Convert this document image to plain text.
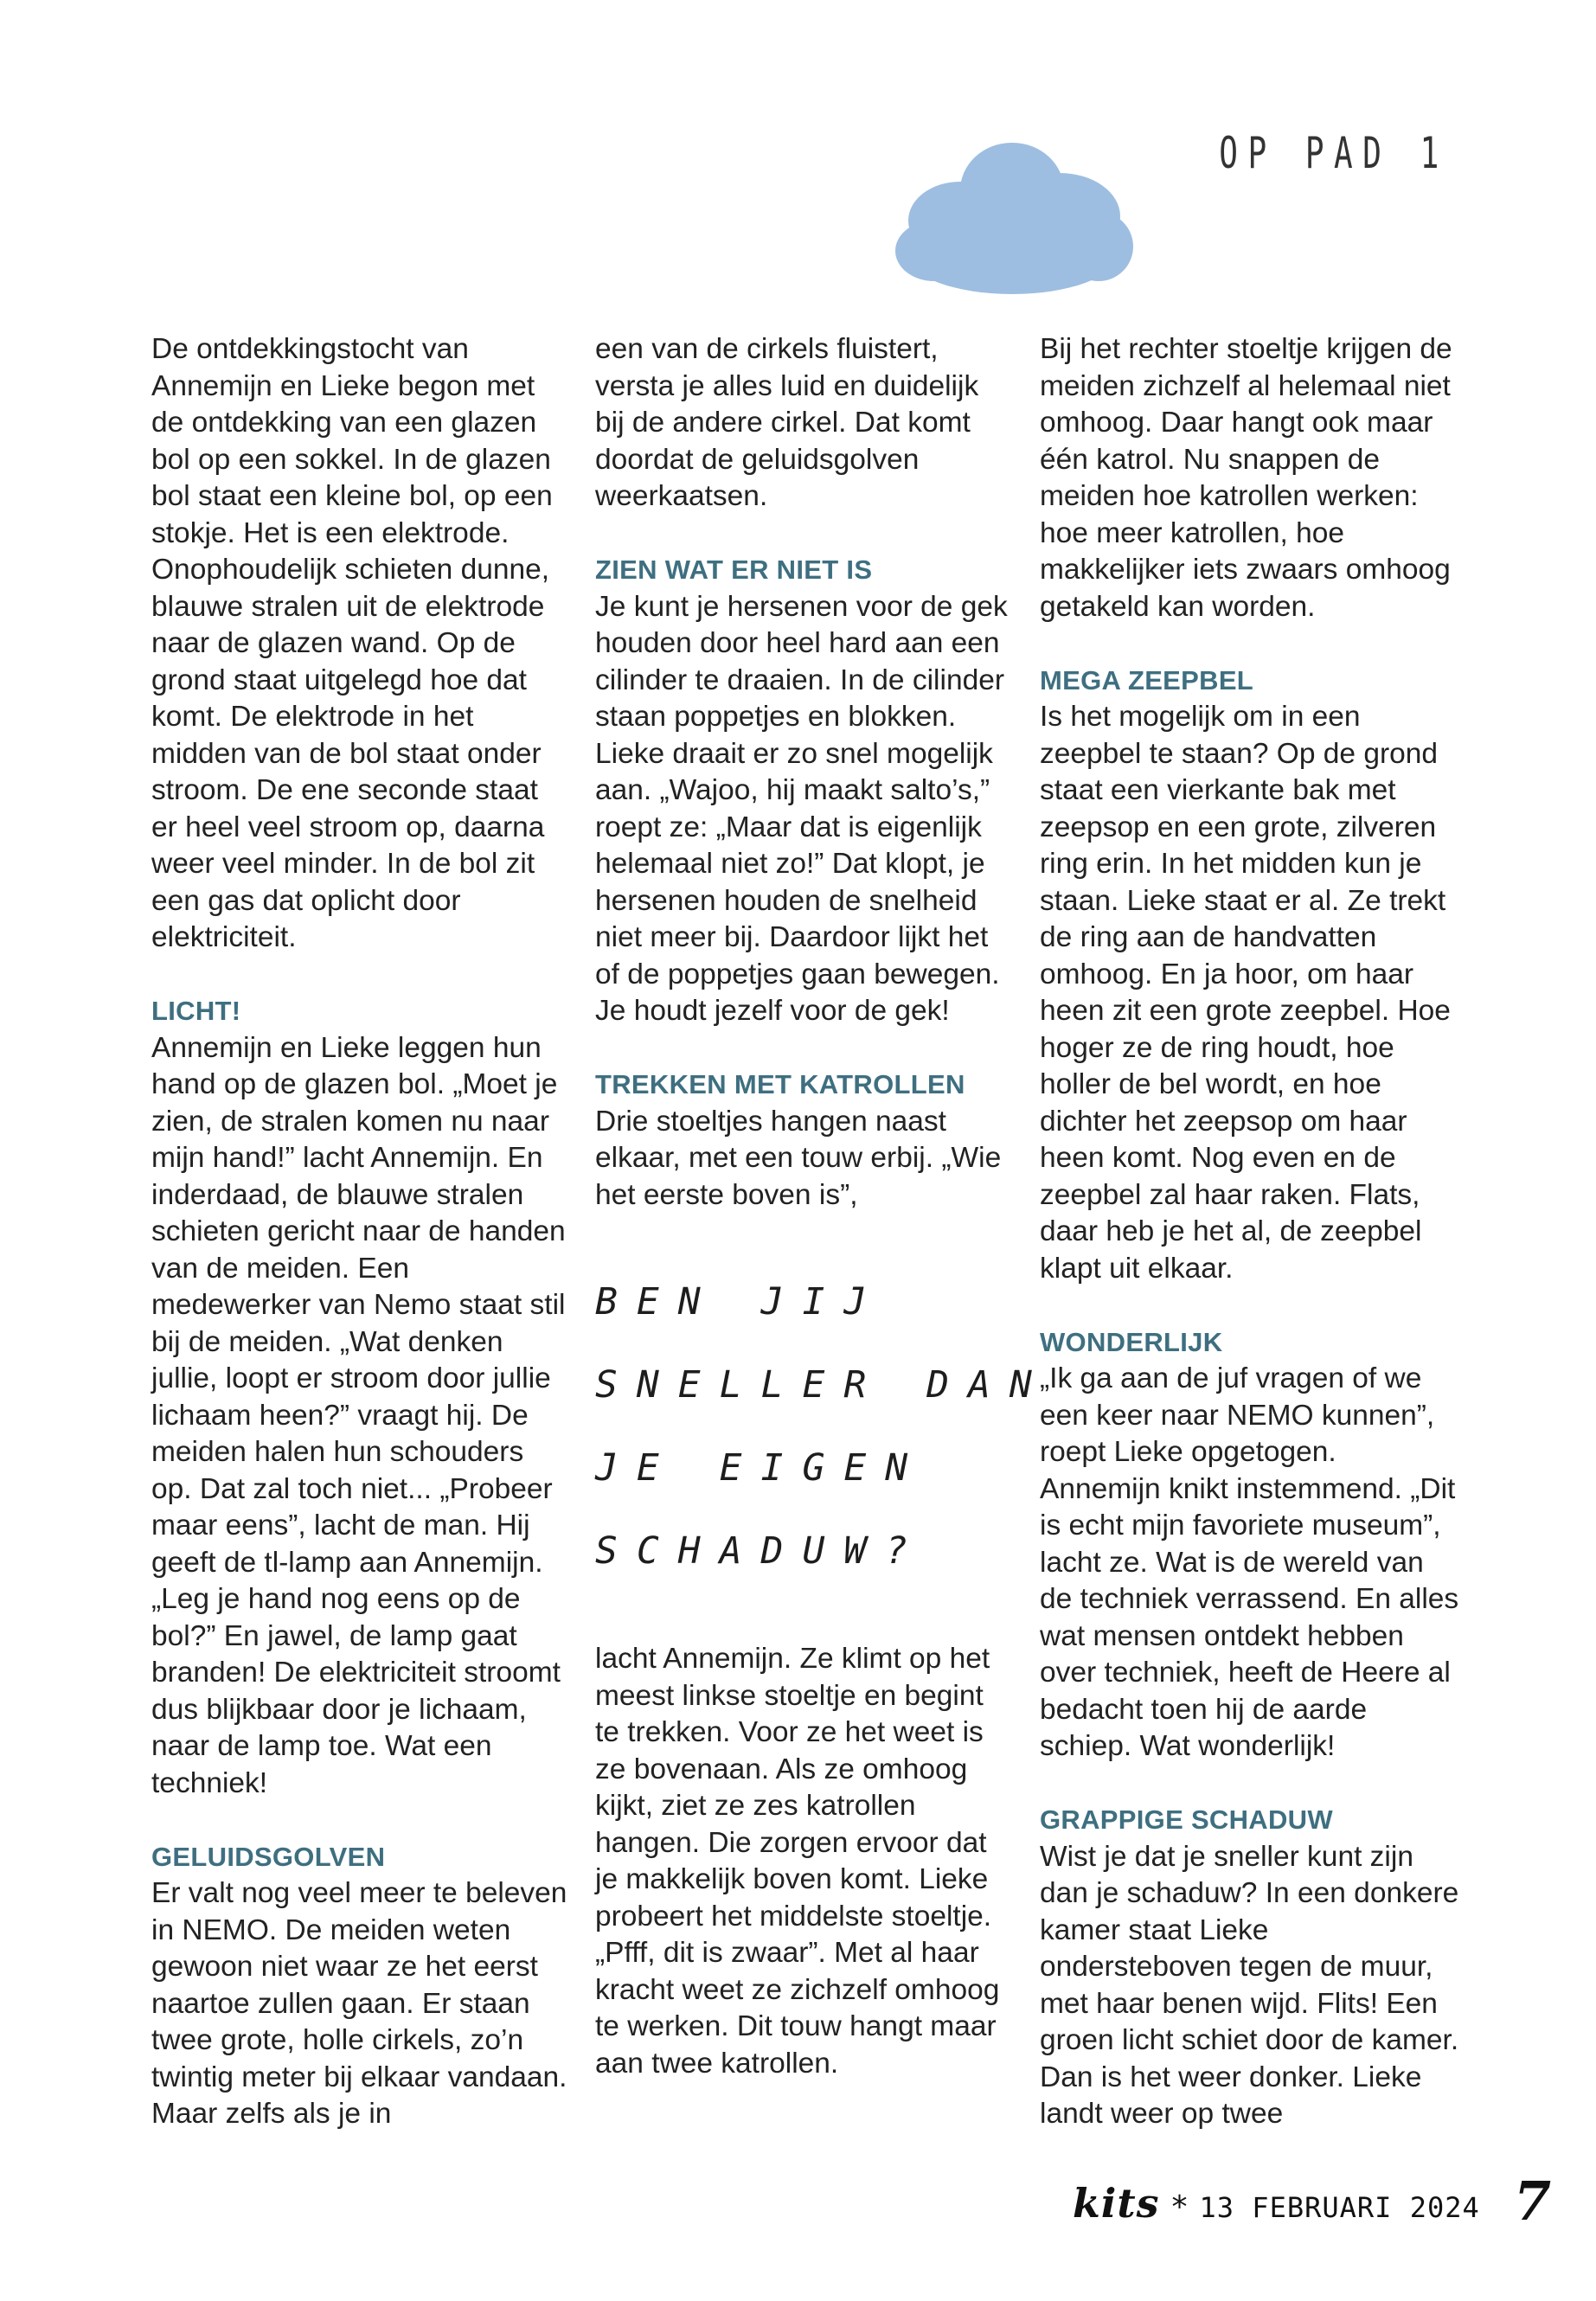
OP PAD 1

De ontdekkingstocht van Annemijn en Lieke begon met de ontdekking van een glazen bol op een sokkel. In de glazen bol staat een kleine bol, op een stokje. Het is een elektrode. Onophoudelijk schieten dunne, blauwe stralen uit de elektrode naar de glazen wand. Op de grond staat uitgelegd hoe dat komt. De elektrode in het midden van de bol staat onder stroom. De ene seconde staat er heel veel stroom op, daarna weer veel minder. In de bol zit een gas dat oplicht door elektriciteit.

LICHT!

Annemijn en Lieke leggen hun hand op de glazen bol. „Moet je zien, de stralen komen nu naar mijn hand!” lacht Annemijn. En inderdaad, de blauwe stralen schieten gericht naar de handen van de meiden. Een medewerker van Nemo staat stil bij de meiden. „Wat denken jullie, loopt er stroom door jullie lichaam heen?” vraagt hij. De meiden halen hun schouders op. Dat zal toch niet... „Probeer maar eens”, lacht de man. Hij geeft de tl-lamp aan Annemijn. „Leg je hand nog eens op de bol?” En jawel, de lamp gaat branden! De elektriciteit stroomt dus blijkbaar door je lichaam, naar de lamp toe. Wat een techniek!

GELUIDSGOLVEN

Er valt nog veel meer te beleven in NEMO. De meiden weten gewoon niet waar ze het eerst naartoe zullen gaan. Er staan twee grote, holle cirkels, zo’n twintig meter bij elkaar vandaan. Maar zelfs als je in

een van de cirkels fluistert, versta je alles luid en duidelijk bij de andere cirkel. Dat komt doordat de geluidsgolven weerkaatsen.

ZIEN WAT ER NIET IS

Je kunt je hersenen voor de gek houden door heel hard aan een cilinder te draaien. In de cilinder staan poppetjes en blokken. Lieke draait er zo snel mogelijk aan. „Wajoo, hij maakt salto’s,” roept ze: „Maar dat is eigenlijk helemaal niet zo!” Dat klopt, je hersenen houden de snelheid niet meer bij. Daardoor lijkt het of de poppetjes gaan bewegen. Je houdt jezelf voor de gek!

TREKKEN MET KATROLLEN

Drie stoeltjes hangen naast elkaar, met een touw erbij. „Wie het eerste boven is”,

BEN JIJ
SNELLER DAN
JE EIGEN
SCHADUW?

lacht Annemijn. Ze klimt op het meest linkse stoeltje en begint te trekken. Voor ze het weet is ze bovenaan. Als ze omhoog kijkt, ziet ze zes katrollen hangen. Die zorgen ervoor dat je makkelijk boven komt. Lieke probeert het middelste stoeltje. „Pfff, dit is zwaar”. Met al haar kracht weet ze zichzelf omhoog te werken. Dit touw hangt maar aan twee katrollen.

Bij het rechter stoeltje krijgen de meiden zichzelf al helemaal niet omhoog. Daar hangt ook maar één katrol. Nu snappen de meiden hoe katrollen werken: hoe meer katrollen, hoe makkelijker iets zwaars omhoog getakeld kan worden.

MEGA ZEEPBEL

Is het mogelijk om in een zeepbel te staan? Op de grond staat een vierkante bak met zeepsop en een grote, zilveren ring erin. In het midden kun je staan. Lieke staat er al. Ze trekt de ring aan de handvatten omhoog. En ja hoor, om haar heen zit een grote zeepbel. Hoe hoger ze de ring houdt, hoe holler de bel wordt, en hoe dichter het zeepsop om haar heen komt. Nog even en de zeepbel zal haar raken. Flats, daar heb je het al, de zeepbel klapt uit elkaar.

WONDERLIJK

„Ik ga aan de juf vragen of we een keer naar NEMO kunnen”, roept Lieke opgetogen. Annemijn knikt instemmend. „Dit is echt mijn favoriete museum”, lacht ze. Wat is de wereld van de techniek verrassend. En alles wat mensen ontdekt hebben over techniek, heeft de Heere al bedacht toen hij de aarde schiep. Wat wonderlijk!

GRAPPIGE SCHADUW

Wist je dat je sneller kunt zijn dan je schaduw? In een donkere kamer staat Lieke ondersteboven tegen de muur, met haar benen wijd. Flits! Een groen licht schiet door de kamer. Dan is het weer donker. Lieke landt weer op twee

kits * 13 FEBRUARI 2024 7
